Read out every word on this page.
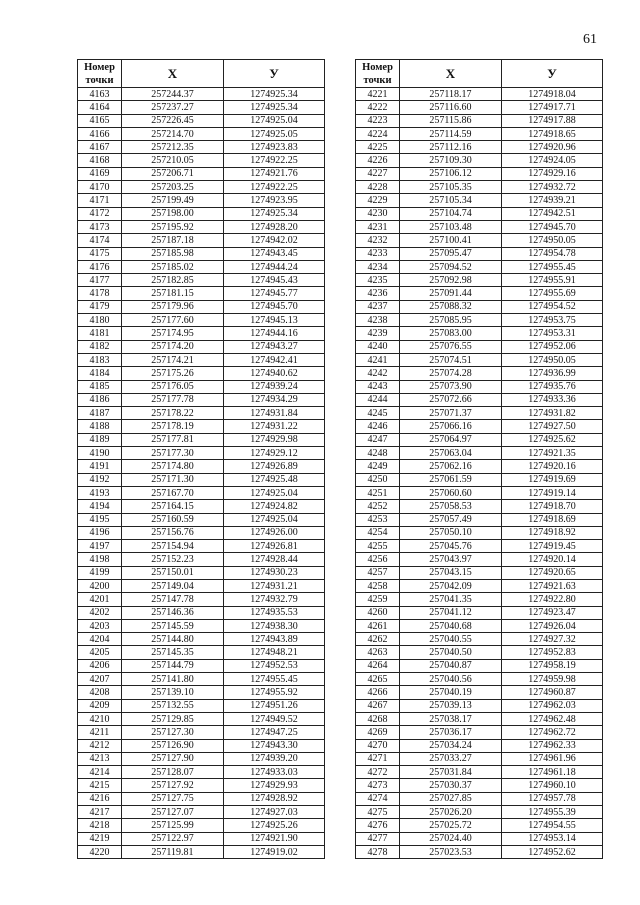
61
Номер
точки	X	У
4163	257244.37	1274925.34
4164	257237.27	1274925.34
4165	257226.45	1274925.04
4166	257214.70	1274925.05
4167	257212.35	1274923.83
4168	257210.05	1274922.25
4169	257206.71	1274921.76
4170	257203.25	1274922.25
4171	257199.49	1274923.95
4172	257198.00	1274925.34
4173	257195.92	1274928.20
4174	257187.18	1274942.02
4175	257185.98	1274943.45
4176	257185.02	1274944.24
4177	257182.85	1274945.43
4178	257181.15	1274945.77
4179	257179.96	1274945.70
4180	257177.60	1274945.13
4181	257174.95	1274944.16
4182	257174.20	1274943.27
4183	257174.21	1274942.41
4184	257175.26	1274940.62
4185	257176.05	1274939.24
4186	257177.78	1274934.29
4187	257178.22	1274931.84
4188	257178.19	1274931.22
4189	257177.81	1274929.98
4190	257177.30	1274929.12
4191	257174.80	1274926.89
4192	257171.30	1274925.48
4193	257167.70	1274925.04
4194	257164.15	1274924.82
4195	257160.59	1274925.04
4196	257156.76	1274926.00
4197	257154.94	1274926.81
4198	257152.23	1274928.44
4199	257150.01	1274930.23
4200	257149.04	1274931.21
4201	257147.78	1274932.79
4202	257146.36	1274935.53
4203	257145.59	1274938.30
4204	257144.80	1274943.89
4205	257145.35	1274948.21
4206	257144.79	1274952.53
4207	257141.80	1274955.45
4208	257139.10	1274955.92
4209	257132.55	1274951.26
4210	257129.85	1274949.52
4211	257127.30	1274947.25
4212	257126.90	1274943.30
4213	257127.90	1274939.20
4214	257128.07	1274933.03
4215	257127.92	1274929.93
4216	257127.75	1274928.92
4217	257127.07	1274927.03
4218	257125.99	1274925.26
4219	257122.97	1274921.90
4220	257119.81	1274919.02
Номер
точки	X	У
4221	257118.17	1274918.04
4222	257116.60	1274917.71
4223	257115.86	1274917.88
4224	257114.59	1274918.65
4225	257112.16	1274920.96
4226	257109.30	1274924.05
4227	257106.12	1274929.16
4228	257105.35	1274932.72
4229	257105.34	1274939.21
4230	257104.74	1274942.51
4231	257103.48	1274945.70
4232	257100.41	1274950.05
4233	257095.47	1274954.78
4234	257094.52	1274955.45
4235	257092.98	1274955.91
4236	257091.44	1274955.69
4237	257088.32	1274954.52
4238	257085.95	1274953.75
4239	257083.00	1274953.31
4240	257076.55	1274952.06
4241	257074.51	1274950.05
4242	257074.28	1274936.99
4243	257073.90	1274935.76
4244	257072.66	1274933.36
4245	257071.37	1274931.82
4246	257066.16	1274927.50
4247	257064.97	1274925.62
4248	257063.04	1274921.35
4249	257062.16	1274920.16
4250	257061.59	1274919.69
4251	257060.60	1274919.14
4252	257058.53	1274918.70
4253	257057.49	1274918.69
4254	257050.10	1274918.92
4255	257045.76	1274919.45
4256	257043.97	1274920.14
4257	257043.15	1274920.65
4258	257042.09	1274921.63
4259	257041.35	1274922.80
4260	257041.12	1274923.47
4261	257040.68	1274926.04
4262	257040.55	1274927.32
4263	257040.50	1274952.83
4264	257040.87	1274958.19
4265	257040.56	1274959.98
4266	257040.19	1274960.87
4267	257039.13	1274962.03
4268	257038.17	1274962.48
4269	257036.17	1274962.72
4270	257034.24	1274962.33
4271	257033.27	1274961.96
4272	257031.84	1274961.18
4273	257030.37	1274960.10
4274	257027.85	1274957.78
4275	257026.20	1274955.39
4276	257025.72	1274954.55
4277	257024.40	1274953.14
4278	257023.53	1274952.62
